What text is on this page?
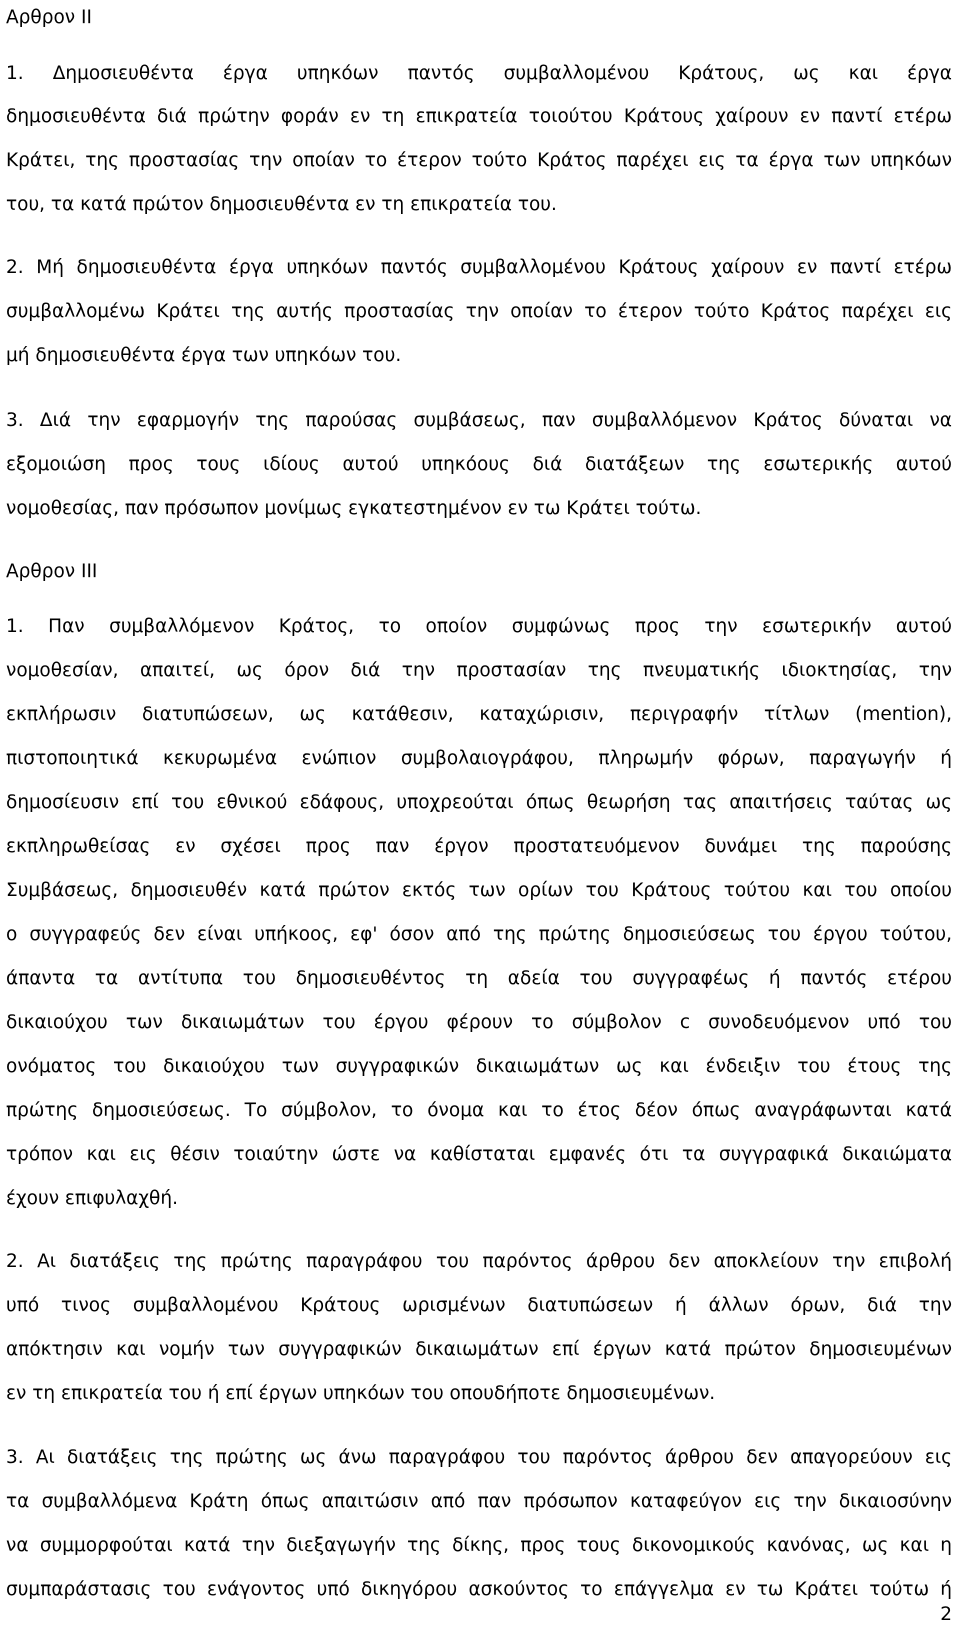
Αρθρον ΙΙ
1. Δημοσιευθέντα έργα υπηκόων παντός συμβαλλομένου Κράτους, ως και έργα
δημοσιευθέντα διά πρώτην φοράν εν τη επικρατεία τοιούτου Κράτους χαίρουν εν παντί ετέρω
Κράτει, της προστασίας την οποίαν το έτερον τούτο Κράτος παρέχει εις τα έργα των υπηκόων
του, τα κατά πρώτον δημοσιευθέντα εν τη επικρατεία του.
2. Μή δημοσιευθέντα έργα υπηκόων παντός συμβαλλομένου Κράτους χαίρουν εν παντί ετέρω
συμβαλλομένω Κράτει της αυτής προστασίας την οποίαν το έτερον τούτο Κράτος παρέχει εις
μή δημοσιευθέντα έργα των υπηκόων του.
3. Διά την εφαρμογήν της παρούσας συμβάσεως, παν συμβαλλόμενον Κράτος δύναται να
εξομοιώση προς τους ιδίους αυτού υπηκόους διά διατάξεων της εσωτερικής αυτού
νομοθεσίας, παν πρόσωπον μονίμως εγκατεστημένον εν τω Κράτει τούτω.
Αρθρον ΙΙΙ
1. Παν συμβαλλόμενον Κράτος, το οποίον συμφώνως προς την εσωτερικήν αυτού
νομοθεσίαν, απαιτεί, ως όρον διά την προστασίαν της πνευματικής ιδιοκτησίας, την
εκπλήρωσιν διατυπώσεων, ως κατάθεσιν, καταχώρισιν, περιγραφήν τίτλων (mention),
πιστοποιητικά κεκυρωμένα ενώπιον συμβολαιογράφου, πληρωμήν φόρων, παραγωγήν ή
δημοσίευσιν επί του εθνικού εδάφους, υποχρεούται όπως θεωρήση τας απαιτήσεις ταύτας ως
εκπληρωθείσας εν σχέσει προς παν έργον προστατευόμενον δυνάμει της παρούσης
Συμβάσεως, δημοσιευθέν κατά πρώτον εκτός των ορίων του Κράτους τούτου και του οποίου
ο συγγραφεύς δεν είναι υπήκοος, εφ' όσον από της πρώτης δημοσιεύσεως του έργου τούτου,
άπαντα τα αντίτυπα του δημοσιευθέντος τη αδεία του συγγραφέως ή παντός ετέρου
δικαιούχου των δικαιωμάτων του έργου φέρουν το σύμβολον c συνοδευόμενον υπό του
ονόματος του δικαιούχου των συγγραφικών δικαιωμάτων ως και ένδειξιν του έτους της
πρώτης δημοσιεύσεως. Το σύμβολον, το όνομα και το έτος δέον όπως αναγράφωνται κατά
τρόπον και εις θέσιν τοιαύτην ώστε να καθίσταται εμφανές ότι τα συγγραφικά δικαιώματα
έχουν επιφυλαχθή.
2. Αι διατάξεις της πρώτης παραγράφου του παρόντος άρθρου δεν αποκλείουν την επιβολή
υπό τινος συμβαλλομένου Κράτους ωρισμένων διατυπώσεων ή άλλων όρων, διά την
απόκτησιν και νομήν των συγγραφικών δικαιωμάτων επί έργων κατά πρώτον δημοσιευμένων
εν τη επικρατεία του ή επί έργων υπηκόων του οπουδήποτε δημοσιευμένων.
3. Αι διατάξεις της πρώτης ως άνω παραγράφου του παρόντος άρθρου δεν απαγορεύουν εις
τα συμβαλλόμενα Κράτη όπως απαιτώσιν από παν πρόσωπον καταφεύγον εις την δικαιοσύνην
να συμμορφούται κατά την διεξαγωγήν της δίκης, προς τους δικονομικούς κανόνας, ως και η
συμπαράστασις του ενάγοντος υπό δικηγόρου ασκούντος το επάγγελμα εν τω Κράτει τούτω ή
2
